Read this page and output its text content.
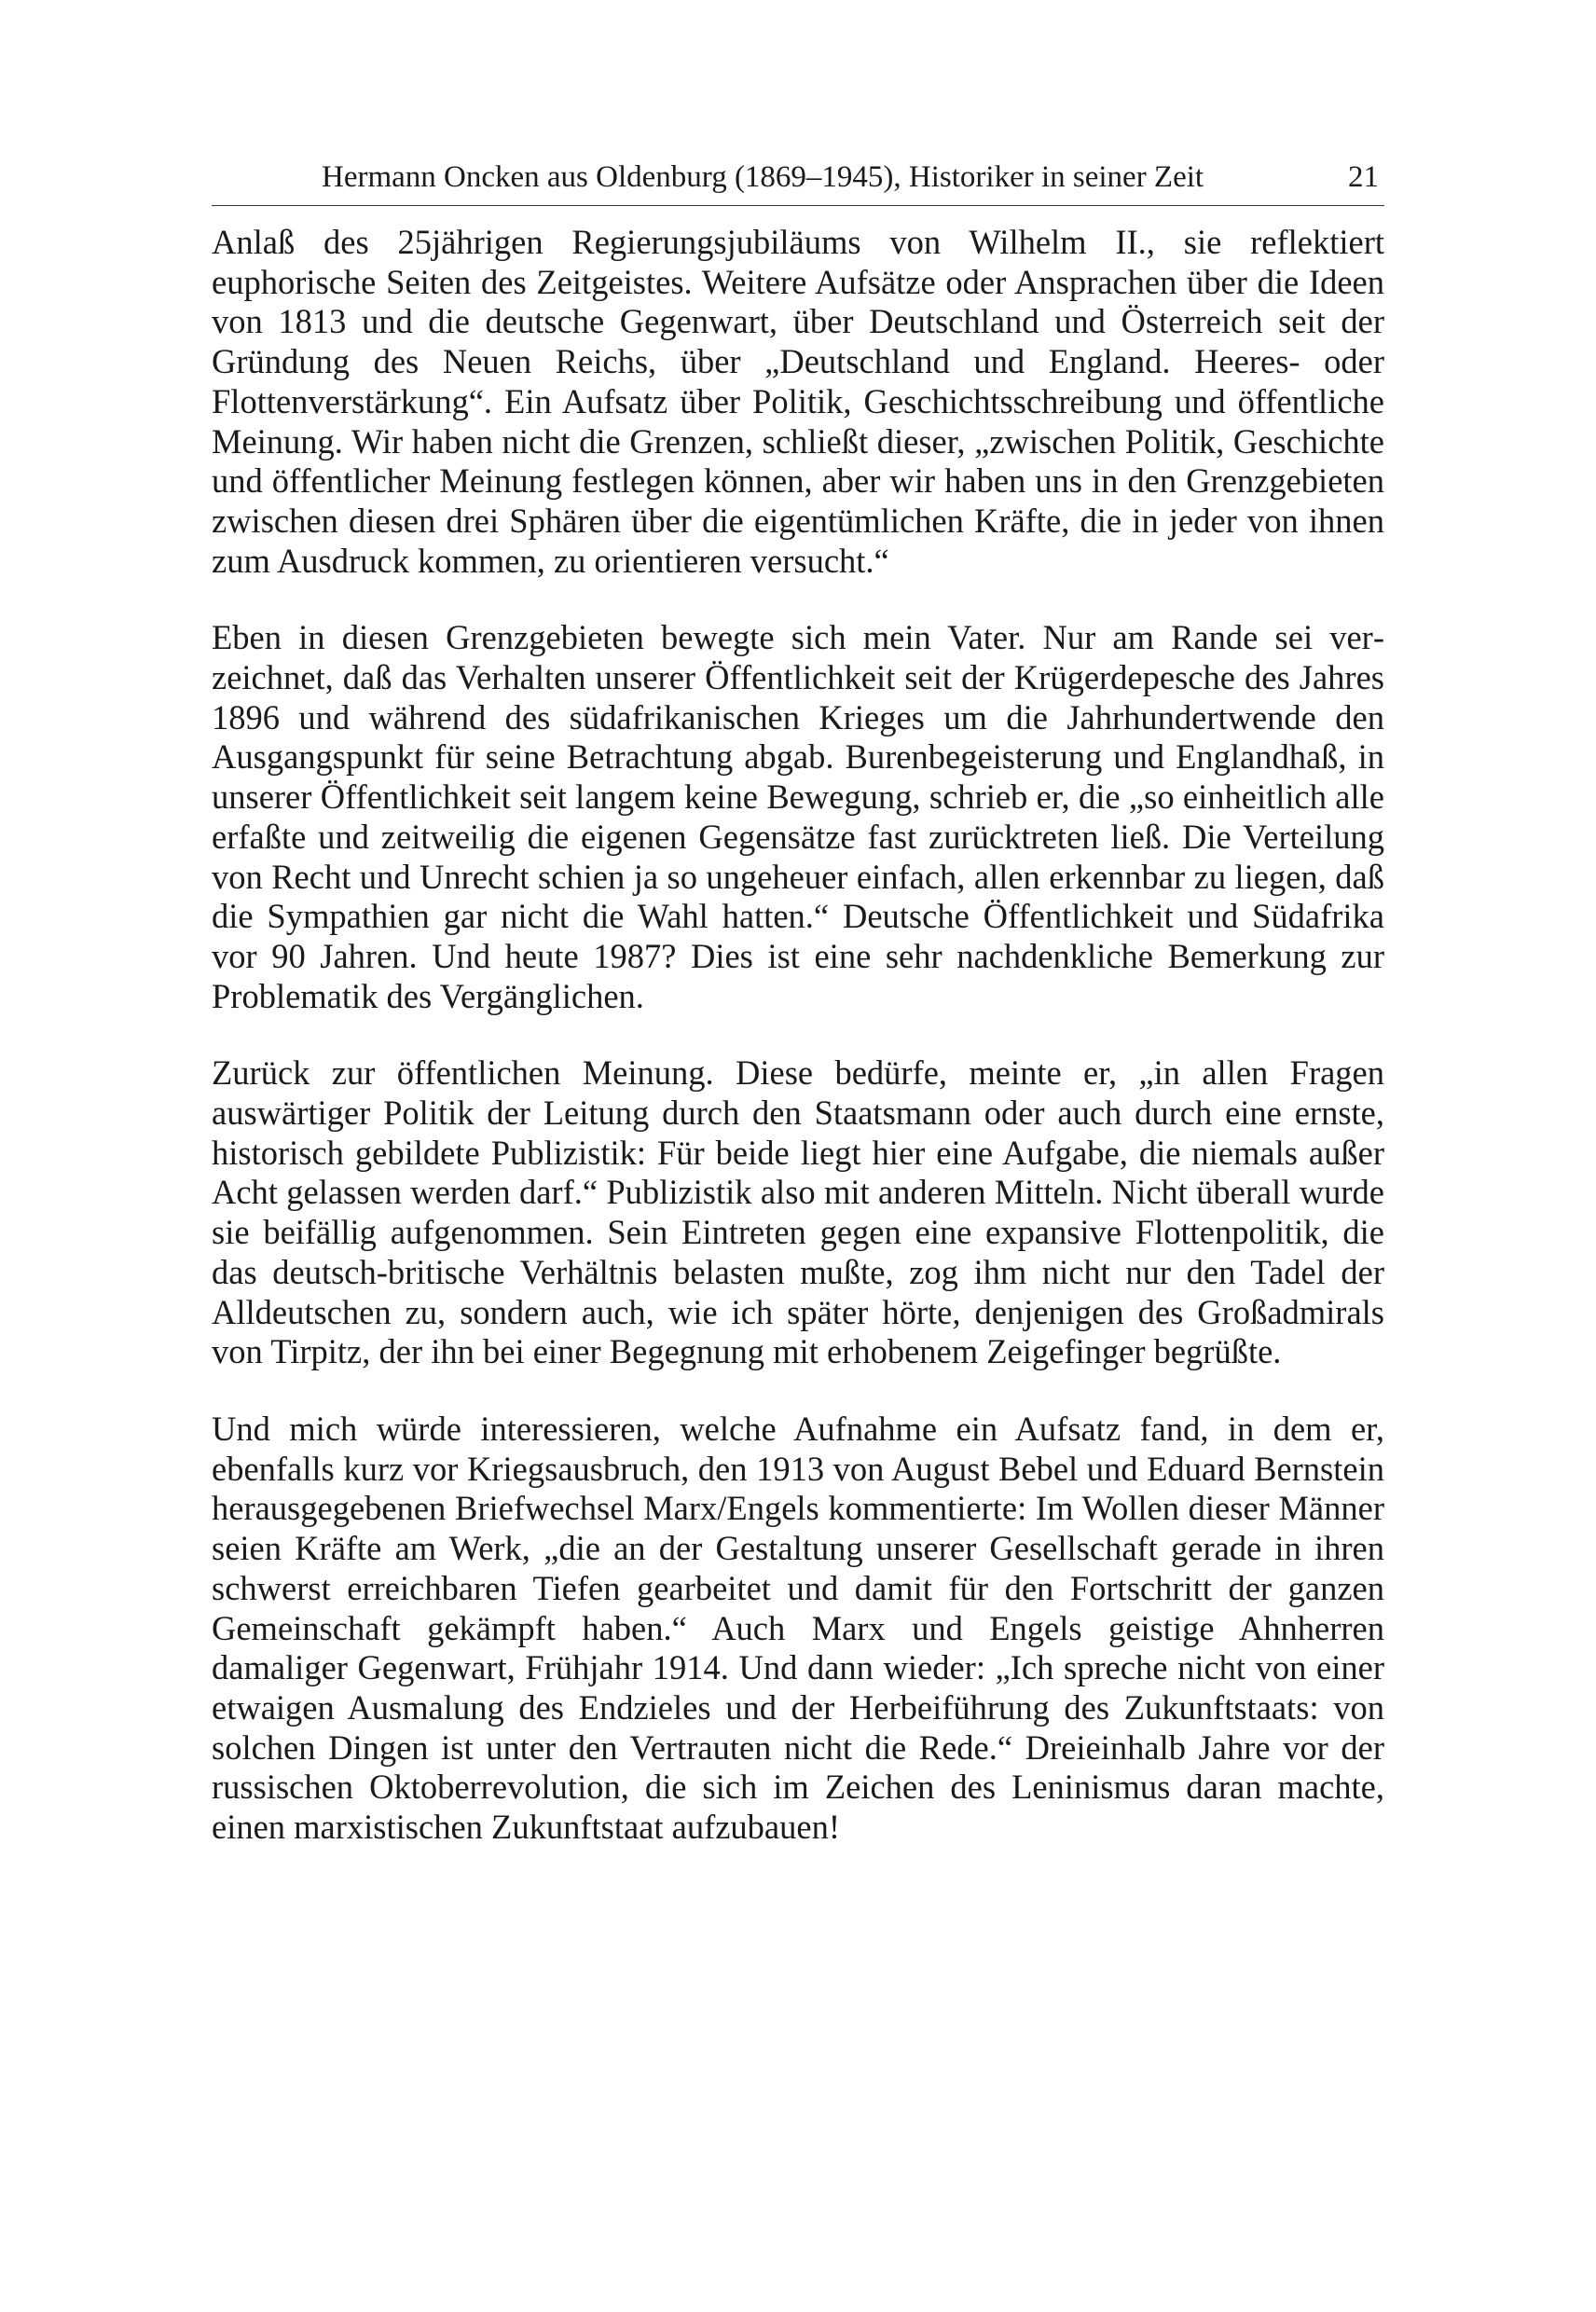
Hermann Oncken aus Oldenburg (1869–1945), Historiker in seiner Zeit	21

Anlaß des 25jährigen Regierungsjubiläums von Wilhelm II., sie reflektiert euphorische Seiten des Zeitgeistes. Weitere Aufsätze oder Ansprachen über die Ideen von 1813 und die deutsche Gegenwart, über Deutschland und Österreich seit der Gründung des Neuen Reichs, über „Deutschland und England. Heeres- oder Flottenverstärkung“. Ein Aufsatz über Politik, Geschichtsschreibung und öffentliche Meinung. Wir haben nicht die Grenzen, schließt dieser, „zwischen Politik, Geschichte und öffentlicher Meinung festlegen können, aber wir haben uns in den Grenzgebieten zwischen diesen drei Sphären über die eigentümlichen Kräfte, die in jeder von ihnen zum Ausdruck kommen, zu orientieren versucht.“

Eben in diesen Grenzgebieten bewegte sich mein Vater. Nur am Rande sei verzeichnet, daß das Verhalten unserer Öffentlichkeit seit der Krügerdepesche des Jahres 1896 und während des südafrikanischen Krieges um die Jahrhundertwende den Ausgangspunkt für seine Betrachtung abgab. Burenbegeisterung und Englandhaß, in unserer Öffentlichkeit seit langem keine Bewegung, schrieb er, die „so einheitlich alle erfaßte und zeitweilig die eigenen Gegensätze fast zurücktreten ließ. Die Verteilung von Recht und Unrecht schien ja so ungeheuer einfach, allen erkennbar zu liegen, daß die Sympathien gar nicht die Wahl hatten.“ Deutsche Öffentlichkeit und Südafrika vor 90 Jahren. Und heute 1987? Dies ist eine sehr nachdenkliche Bemerkung zur Problematik des Vergänglichen.

Zurück zur öffentlichen Meinung. Diese bedürfe, meinte er, „in allen Fragen auswärtiger Politik der Leitung durch den Staatsmann oder auch durch eine ernste, historisch gebildete Publizistik: Für beide liegt hier eine Aufgabe, die niemals außer Acht gelassen werden darf.“ Publizistik also mit anderen Mitteln. Nicht überall wurde sie beifällig aufgenommen. Sein Eintreten gegen eine expansive Flottenpolitik, die das deutsch-britische Verhältnis belasten mußte, zog ihm nicht nur den Tadel der Alldeutschen zu, sondern auch, wie ich später hörte, denjenigen des Großadmirals von Tirpitz, der ihn bei einer Begegnung mit erhobenem Zeigefinger begrüßte.

Und mich würde interessieren, welche Aufnahme ein Aufsatz fand, in dem er, ebenfalls kurz vor Kriegsausbruch, den 1913 von August Bebel und Eduard Bernstein herausgegebenen Briefwechsel Marx/Engels kommentierte: Im Wollen dieser Männer seien Kräfte am Werk, „die an der Gestaltung unserer Gesellschaft gerade in ihren schwerst erreichbaren Tiefen gearbeitet und damit für den Fortschritt der ganzen Gemeinschaft gekämpft haben.“ Auch Marx und Engels geistige Ahnherren damaliger Gegenwart, Frühjahr 1914. Und dann wieder: „Ich spreche nicht von einer etwaigen Ausmalung des Endzieles und der Herbeiführung des Zukunftstaats: von solchen Dingen ist unter den Vertrauten nicht die Rede.“ Dreieinhalb Jahre vor der russischen Oktoberrevolution, die sich im Zeichen des Leninismus daran machte, einen marxistischen Zukunftstaat aufzubauen!
